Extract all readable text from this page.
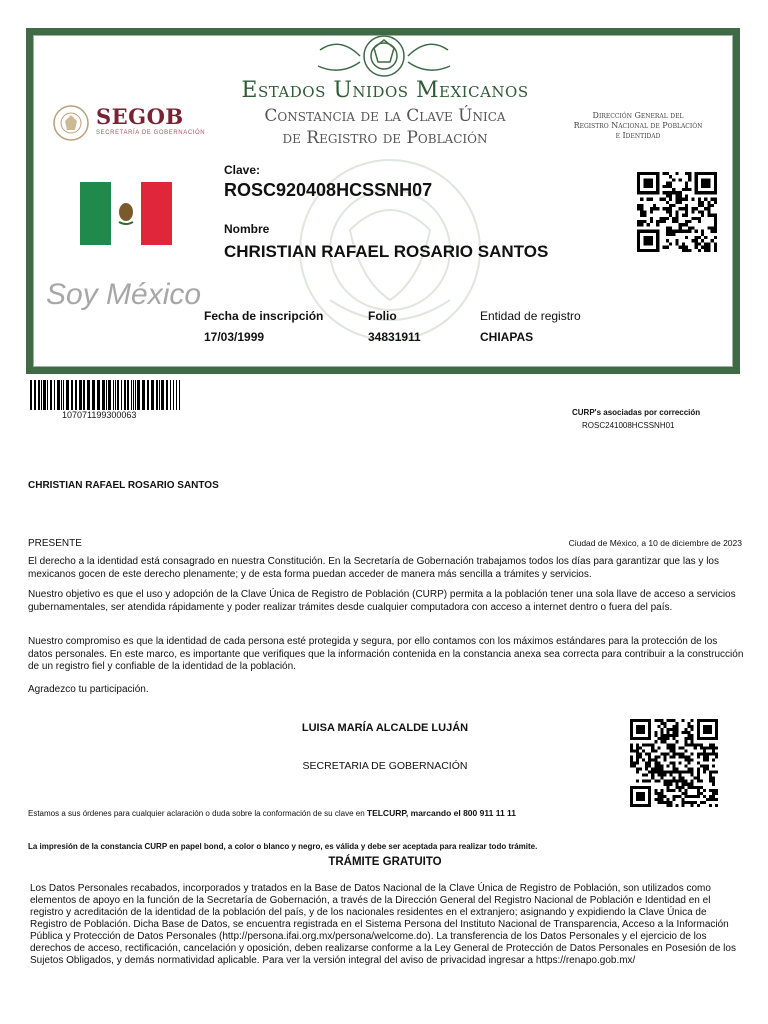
Estados Unidos Mexicanos
Constancia de la Clave Única
de Registro de Población
Dirección General del
Registro Nacional de Población
e Identidad
SEGOB
SECRETARÍA DE GOBERNACIÓN
Soy México
Clave:
ROSC920408HCSSNH07
Nombre
CHRISTIAN RAFAEL ROSARIO SANTOS
Fecha de inscripción
17/03/1999
Folio
34831911
Entidad de registro
CHIAPAS
107071199300063	CURP's asociadas por corrección
ROSC241008HCSSNH01
CHRISTIAN RAFAEL ROSARIO SANTOS
PRESENTE	Ciudad de México, a 10 de diciembre de 2023
El derecho a la identidad está consagrado en nuestra Constitución. En la Secretaría de Gobernación trabajamos todos los días para garantizar que las y los mexicanos gocen de este derecho plenamente; y de esta forma puedan acceder de manera más sencilla a trámites y servicios.
Nuestro objetivo es que el uso y adopción de la Clave Única de Registro de Población (CURP) permita a la población tener una sola llave de acceso a servicios gubernamentales, ser atendida rápidamente y poder realizar trámites desde cualquier computadora con acceso a internet dentro o fuera del país.
Nuestro compromiso es que la identidad de cada persona esté protegida y segura, por ello contamos con los máximos estándares para la protección de los datos personales. En este marco, es importante que verifiques que la información contenida en la constancia anexa sea correcta para contribuir a la construcción de un registro fiel y confiable de la identidad de la población.
Agradezco tu participación.
LUISA MARÍA ALCALDE LUJÁN
SECRETARIA DE GOBERNACIÓN
Estamos a sus órdenes para cualquier aclaración o duda sobre la conformación de su clave en TELCURP, marcando el 800 911 11 11
La impresión de la constancia CURP en papel bond, a color o blanco y negro, es válida y debe ser aceptada para realizar todo trámite.
TRÁMITE GRATUITO
Los Datos Personales recabados, incorporados y tratados en la Base de Datos Nacional de la Clave Única de Registro de Población, son utilizados como elementos de apoyo en la función de la Secretaría de Gobernación, a través de la Dirección General del Registro Nacional de Población e Identidad en el registro y acreditación de la identidad de la población del país, y de los nacionales residentes en el extranjero; asignando y expidiendo la Clave Única de Registro de Población. Dicha Base de Datos, se encuentra registrada en el Sistema Persona del Instituto Nacional de Transparencia, Acceso a la Información Pública y Protección de Datos Personales (http://persona.ifai.org.mx/persona/welcome.do). La transferencia de los Datos Personales y el ejercicio de los derechos de acceso, rectificación, cancelación y oposición, deben realizarse conforme a la Ley General de Protección de Datos Personales en Posesión de los Sujetos Obligados, y demás normatividad aplicable. Para ver la versión integral del aviso de privacidad ingresar a https://renapo.gob.mx/
